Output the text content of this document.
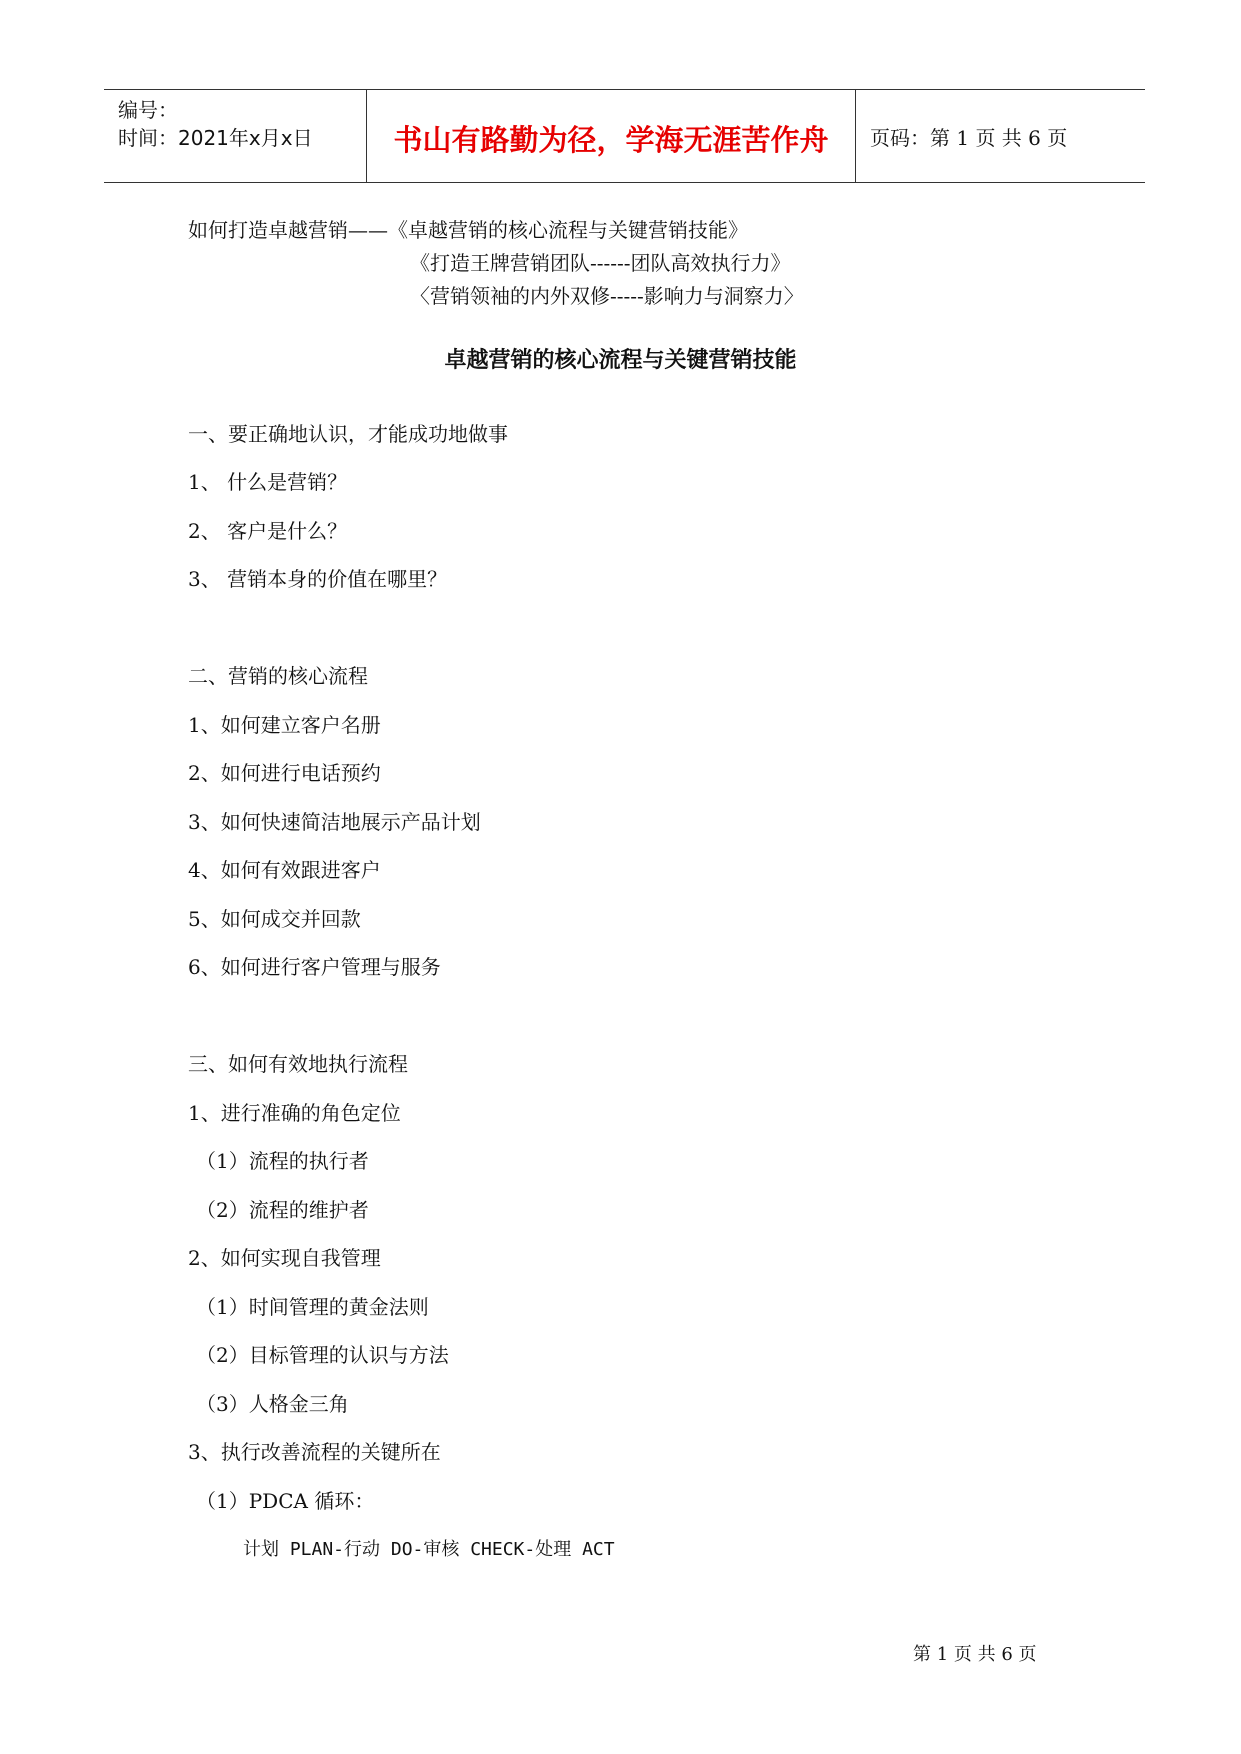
编号：
时间：2021年x月x日	书山有路勤为径，学海无涯苦作舟	页码：第 1 页 共 6 页
如何打造卓越营销——《卓越营销的核心流程与关键营销技能》
《打造王牌营销团队------团队高效执行力》
〈营销领袖的内外双修-----影响力与洞察力〉
卓越营销的核心流程与关键营销技能
一、要正确地认识，才能成功地做事
1、 什么是营销？
2、 客户是什么？
3、 营销本身的价值在哪里？
二、营销的核心流程
1、如何建立客户名册
2、如何进行电话预约
3、如何快速简洁地展示产品计划
4、如何有效跟进客户
5、如何成交并回款
6、如何进行客户管理与服务
三、如何有效地执行流程
1、进行准确的角色定位
（1）流程的执行者
（2）流程的维护者
2、如何实现自我管理
（1）时间管理的黄金法则
（2）目标管理的认识与方法
（3）人格金三角
3、执行改善流程的关键所在
（1）PDCA 循环：
计划 PLAN-行动 DO-审核 CHECK-处理 ACT
第 1 页 共 6 页
